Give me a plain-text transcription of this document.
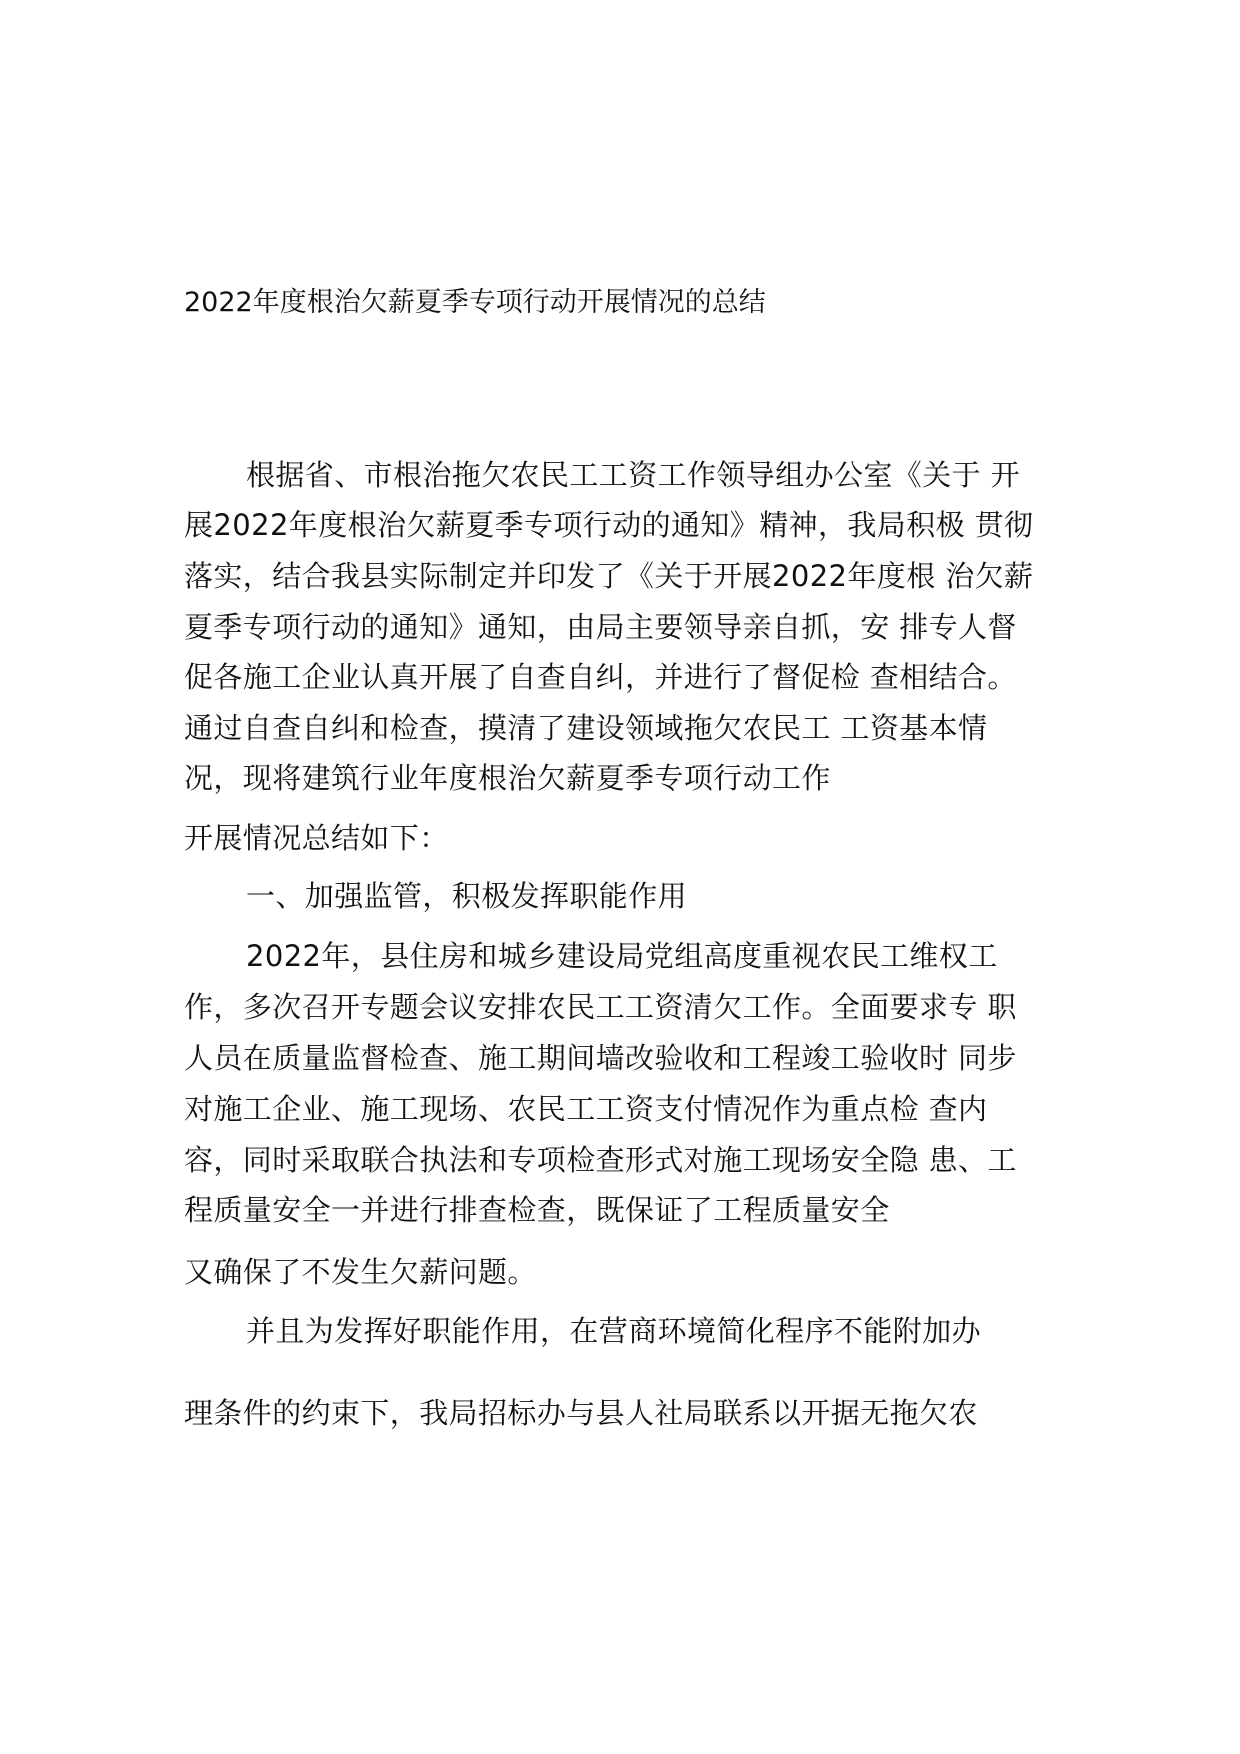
2022年度根治欠薪夏季专项行动开展情况的总结
根据省、市根治拖欠农民工工资工作领导组办公室《关于 开
展2022年度根治欠薪夏季专项行动的通知》精神，我局积极 贯彻
落实，结合我县实际制定并印发了《关于开展2022年度根 治欠薪
夏季专项行动的通知》通知，由局主要领导亲自抓，安 排专人督
促各施工企业认真开展了自查自纠，并进行了督促检 查相结合。
通过自查自纠和检查，摸清了建设领域拖欠农民工 工资基本情
况，现将建筑行业年度根治欠薪夏季专项行动工作
开展情况总结如下：
一、加强监管，积极发挥职能作用
2022年，县住房和城乡建设局党组高度重视农民工维权工
作，多次召开专题会议安排农民工工资清欠工作。全面要求专 职
人员在质量监督检查、施工期间墙改验收和工程竣工验收时 同步
对施工企业、施工现场、农民工工资支付情况作为重点检 查内
容，同时采取联合执法和专项检查形式对施工现场安全隐 患、工
程质量安全一并进行排查检查，既保证了工程质量安全
又确保了不发生欠薪问题。
并且为发挥好职能作用，在营商环境简化程序不能附加办
理条件的约束下，我局招标办与县人社局联系以开据无拖欠农
